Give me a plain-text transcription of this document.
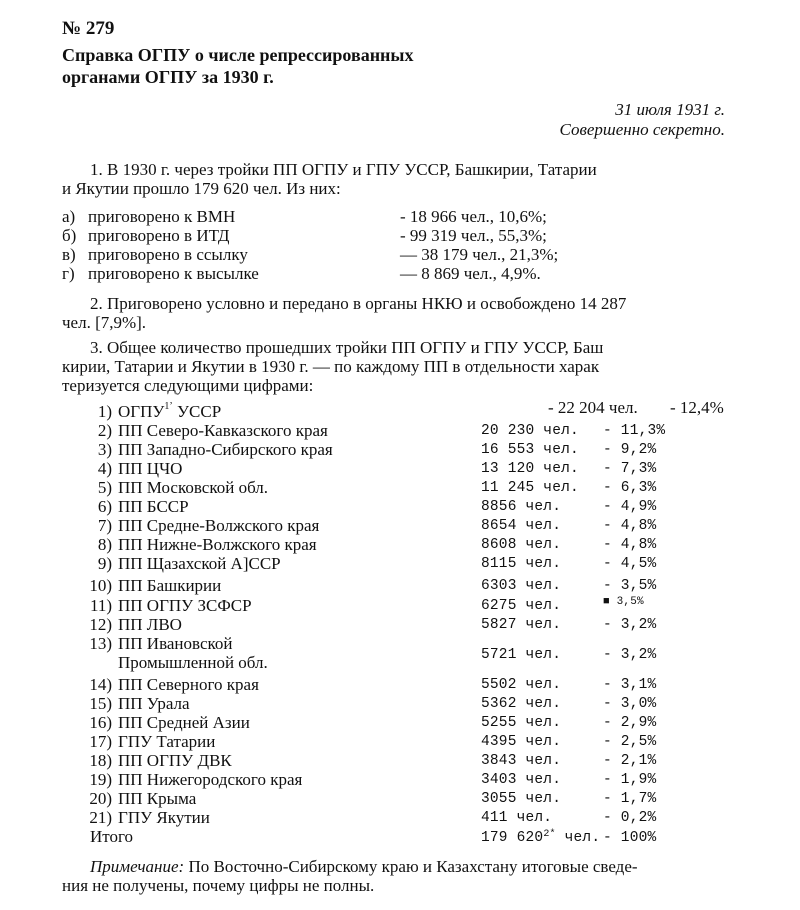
№ 279
Справка ОГПУ о числе репрессированных
органами ОГПУ за 1930 г.
31 июля 1931 г.
Совершенно секретно.
1. В 1930 г. через тройки ПП ОГПУ и ГПУ УССР, Башкирии, Татарии
и Якутии прошло 179 620 чел. Из них:
а) приговорено к ВМН	- 18 966 чел., 10,6%;
б) приговорено в ИТД	- 99 319 чел., 55,3%;
в) приговорено в ссылку	— 38 179 чел., 21,3%;
г) приговорено к высылке	— 8 869 чел., 4,9%.
2. Приговорено условно и передано в органы НКЮ и освобождено 14 287
чел. [7,9%].
3. Общее количество прошедших тройки ПП ОГПУ и ГПУ УССР, Баш
кирии, Татарии и Якутии в 1930 г. — по каждому ПП в отдельности харак
теризуется следующими цифрами:
1) $ОГПУ^{1ʼ}$ УССР	- 22 204 чел. - 12,4%
2) ПП Северо-Кавказского края	20 230 чел. - 11,3%
3) ПП Западно-Сибирского края	16 553 чел. - 9,2%
4) ПП ЦЧО	13 120 чел. - 7,3%
5) ПП Московской обл.	11 245 чел. - 6,3%
6) ПП БССР	8856 чел.	- 4,9%
7) ПП Средне-Волжского края	8654 чел.	- 4,8%
8) ПП Нижне-Волжского края	8608 чел.	- 4,8%
9) ПП Щазахской А]ССР	8115 чел.	- 4,5%
10) ПП Башкирии	6303 чел.	- 3,5%
11) ПП ОГПУ ЗСФСР	6275 чел.	■ 3,5%
12) ПП ЛВО	5827 чел.	- 3,2%
13) ПП Ивановской
Промышленной обл.	5721 чел.	- 3,2%
14) ПП Северного края	5502 чел.	- 3,1%
15) ПП Урала	5362 чел.	- 3,0%
16) ПП Средней Азии	5255 чел.	- 2,9%
17) ГПУ Татарии	4395 чел.	- 2,5%
18) ПП ОГПУ ДВК	3843 чел.	- 2,1%
19) ПП Нижегородского края	3403 чел.	- 1,9%
20) ПП Крыма	3055 чел.	- 1,7%
21) ГПУ Якутии	411 чел.	- 0,2%
Итого	179 $620^{2*}$ чел. - 100%
Примечание: По Восточно-Сибирскому краю и Казахстану итоговые сведе-
ния не получены, почему цифры не полны.
